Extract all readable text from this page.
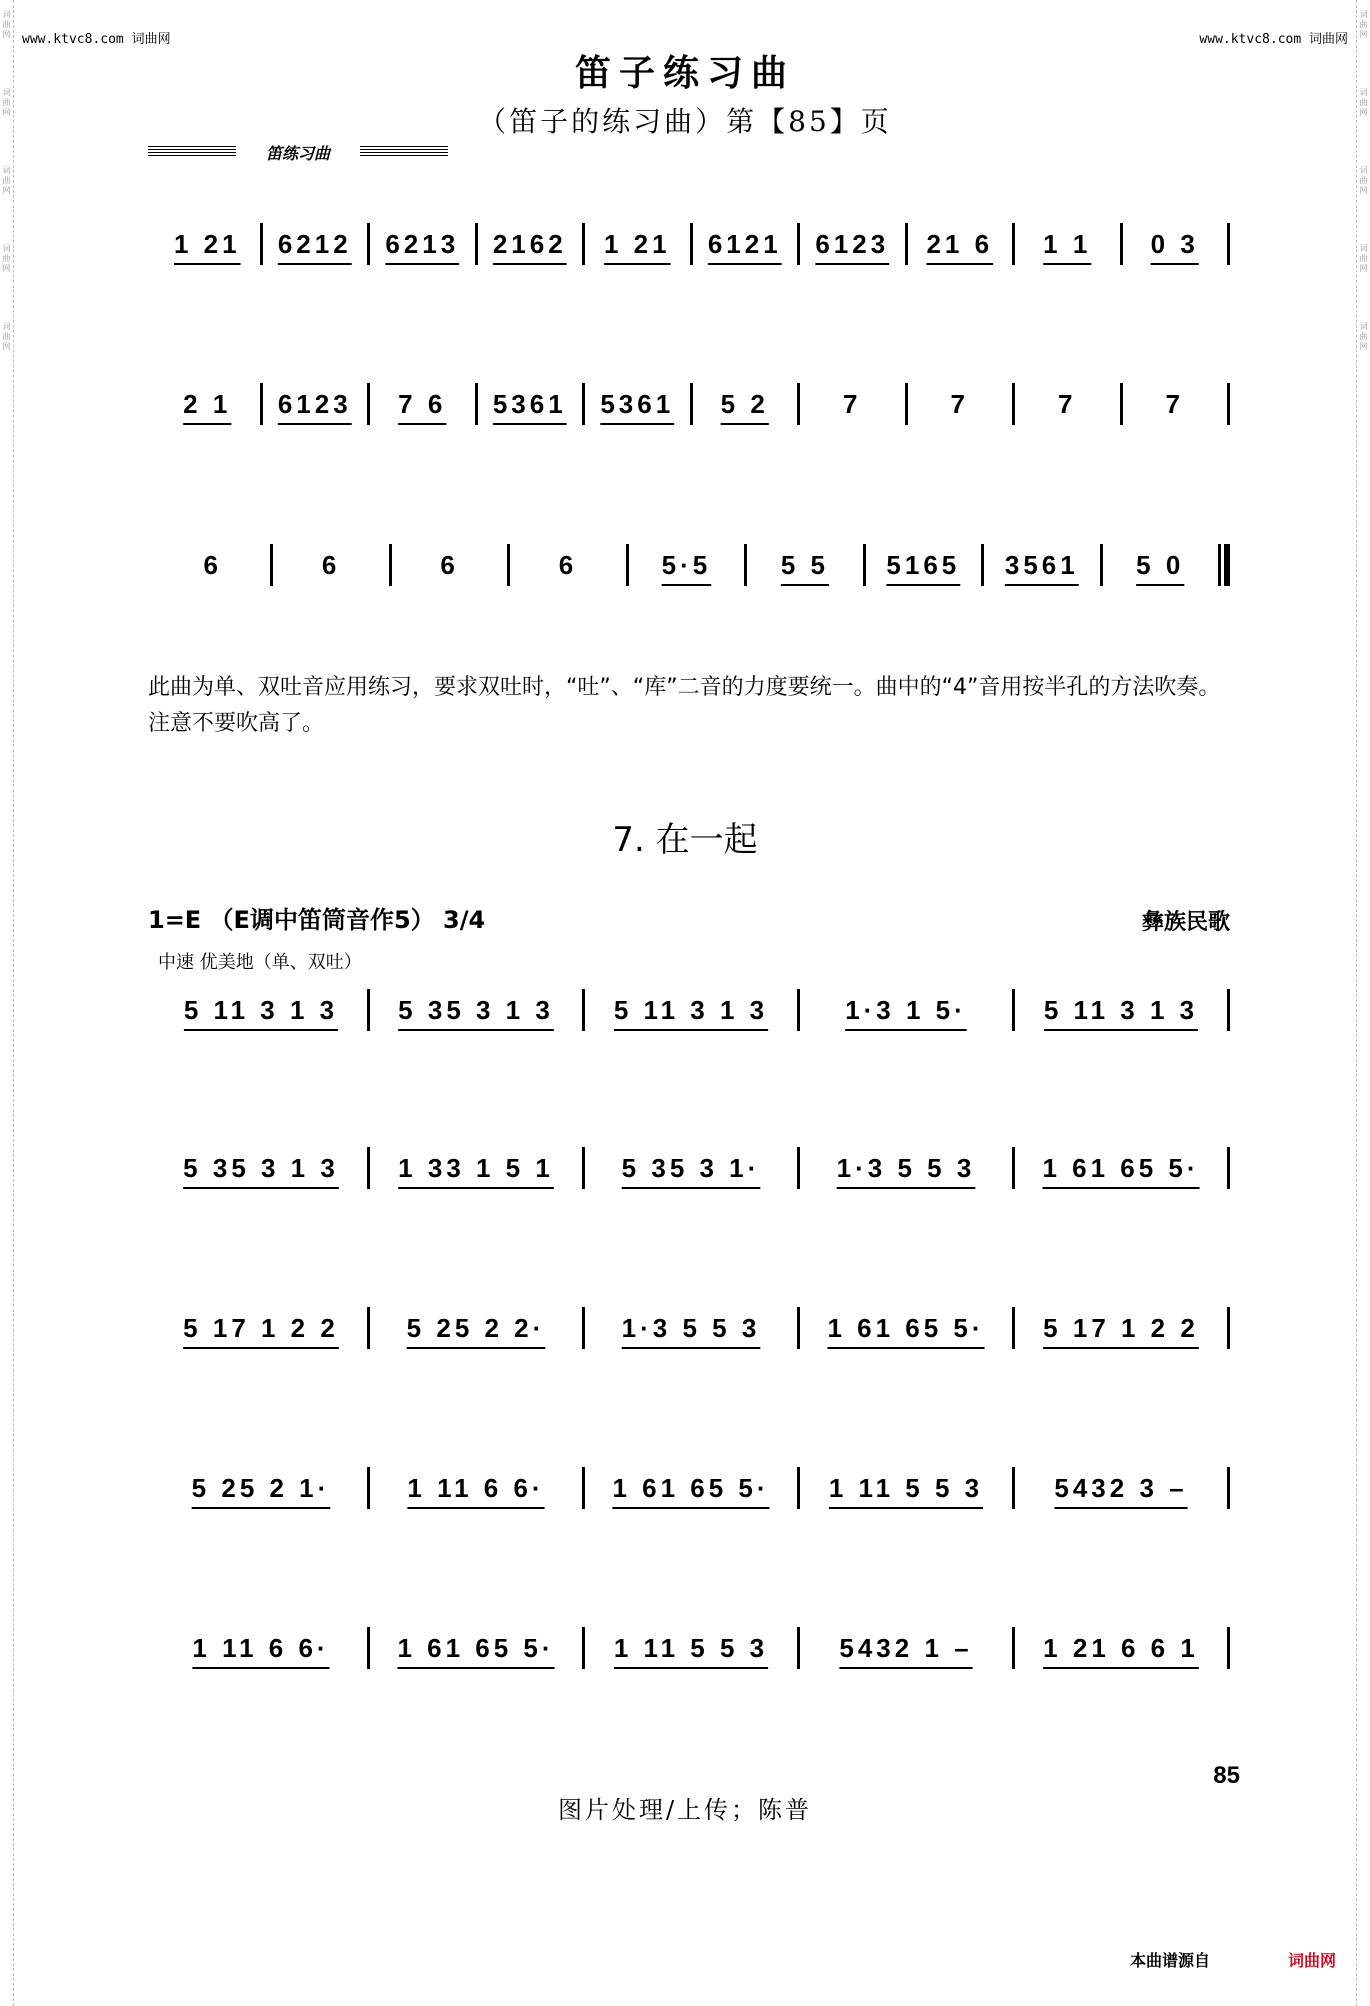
词曲网
词曲网
词曲网
词曲网
词曲网
词曲网
词曲网
词曲网
词曲网
词曲网
www.ktvc8.com 词曲网	www.ktvc8.com 词曲网
笛子练习曲
（笛子的练习曲）第【85】页
笛练习曲
1 21	6212	6213	2162	1 21	6121	6123	21 6	1 1	0 3
2 1	6123	7 6	5361	5361	5 2	7	7	7	7
6	6	6	6	5·5	5 5	5165	3561	5 0
此曲为单、双吐音应用练习，要求双吐时，“吐”、“库”二音的力度要统一。曲中的“4”音用按半孔的方法吹奏。注意不要吹高了。
7. 在一起
1=E （E调中笛筒音作5） 3/4	彝族民歌
中速 优美地（单、双吐）
5 11 3 1 3	5 35 3 1 3	5 11 3 1 3	1·3 1 5·	5 11 3 1 3
5 35 3 1 3	1 33 1 5 1	5 35 3 1·	1·3 5 5 3	1 61 65 5·
5 17 1 2 2	5 25 2 2·	1·3 5 5 3	1 61 65 5·	5 17 1 2 2
5 25 2 1·	1 11 6 6·	1 61 65 5·	1 11 5 5 3	5432 3 –
1 11 6 6·	1 61 65 5·	1 11 5 5 3	5432 1 –	1 21 6 6 1
85
图片处理/上传；陈普
本曲谱源自	词曲网
